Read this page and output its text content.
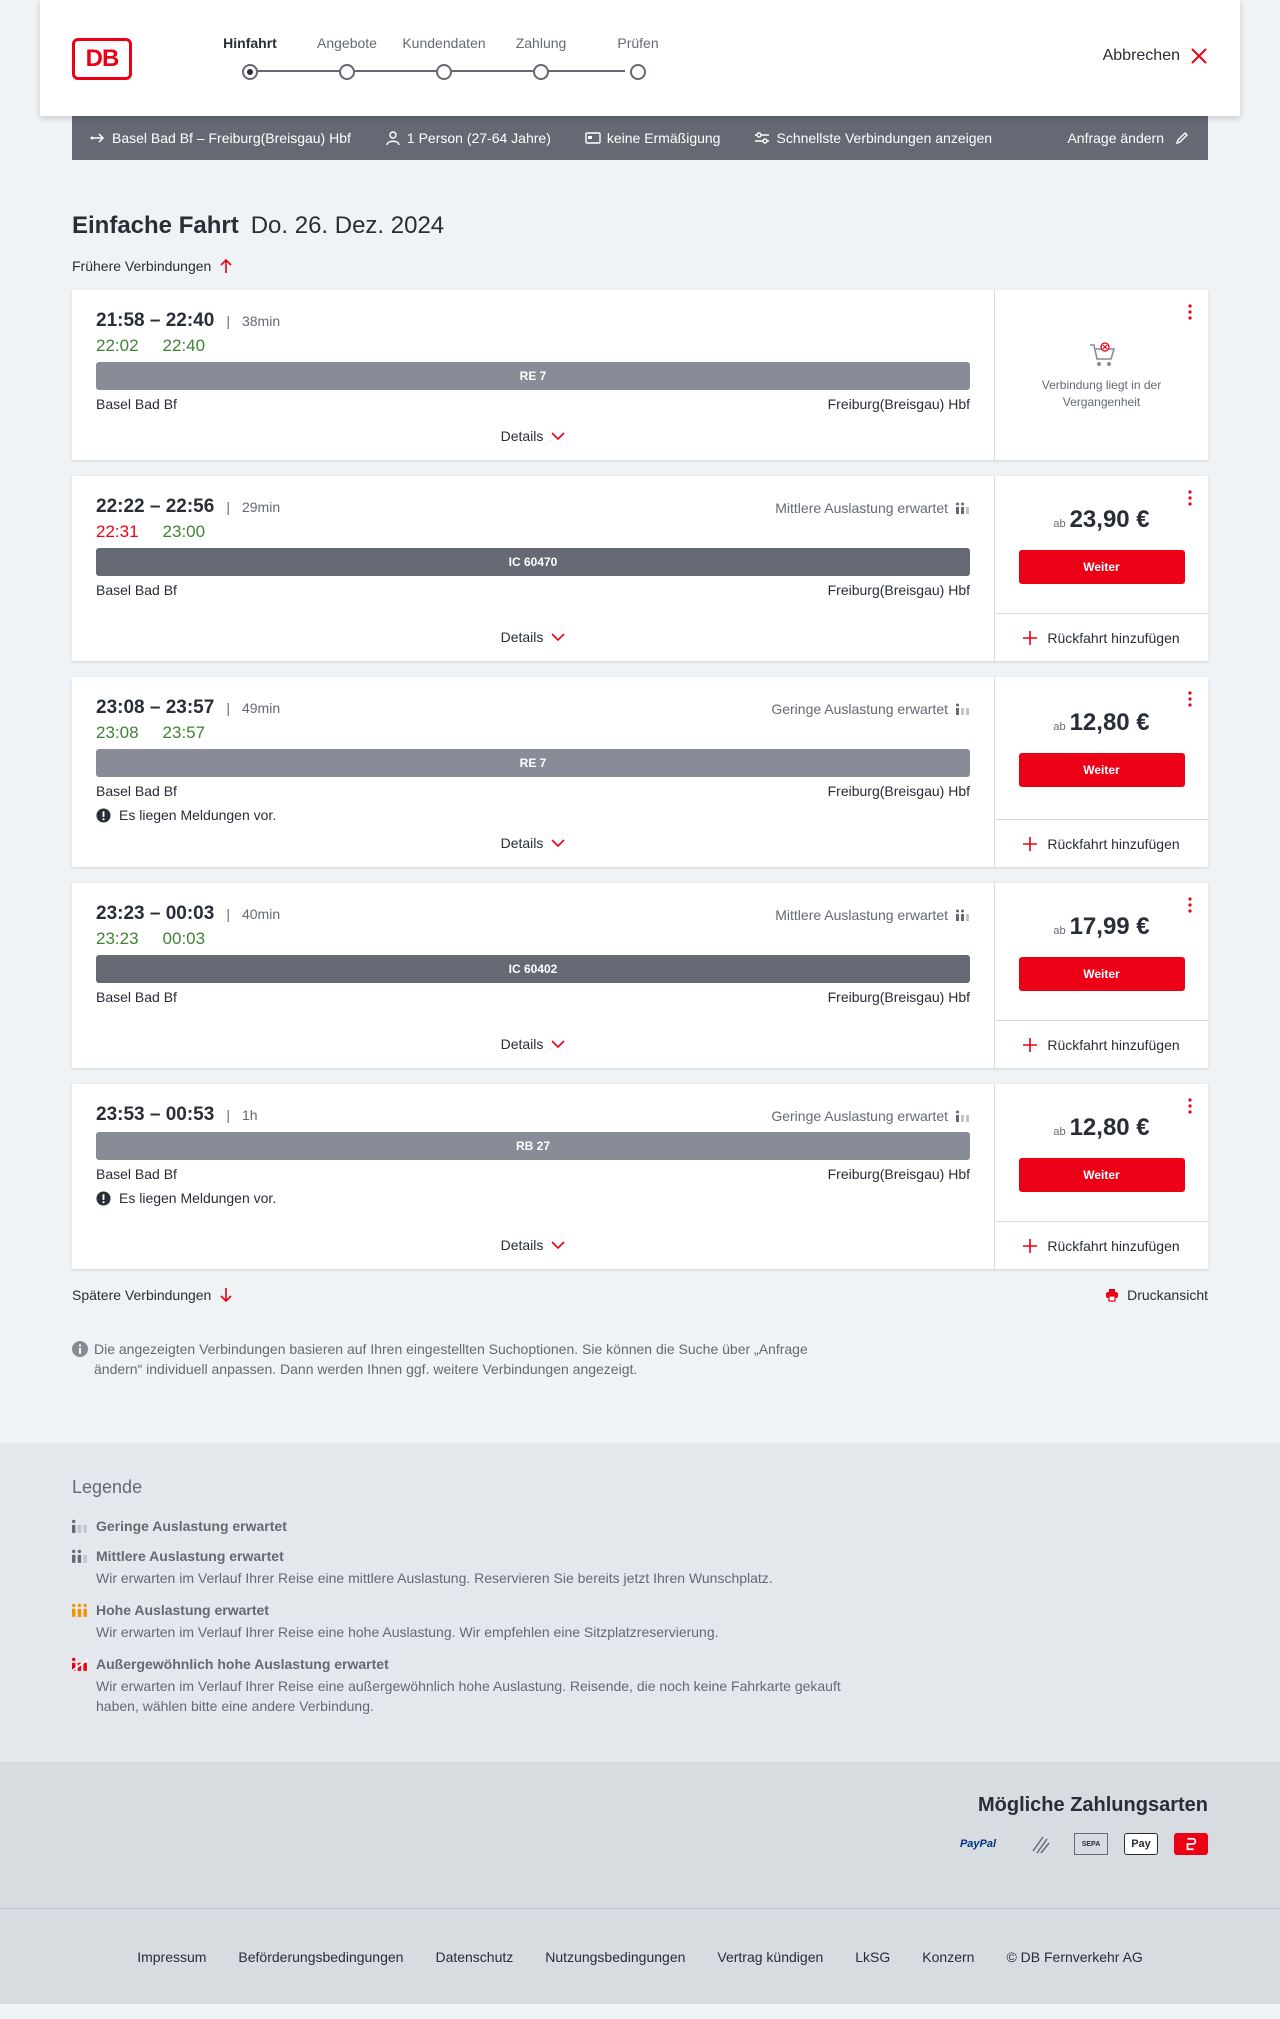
DB
Hinfahrt	Angebote	Kundendaten	Zahlung	Prüfen
Abbrechen
Basel Bad Bf – Freiburg(Breisgau) Hbf	1 Person (27-64 Jahre)	keine Ermäßigung	Schnellste Verbindungen anzeigen	Anfrage ändern
Einfache Fahrt Do. 26. Dez. 2024
Frühere Verbindungen
21:58 – 22:40 | 38min
22:02 22:40
RE 7
Basel Bad Bf	Freiburg(Breisgau) Hbf
Details
Verbindung liegt in der Vergangenheit
22:22 – 22:56 | 29min	Mittlere Auslastung erwartet
22:31 23:00
IC 60470
Basel Bad Bf	Freiburg(Breisgau) Hbf
Details
ab 23,90 €
Weiter
Rückfahrt hinzufügen
23:08 – 23:57 | 49min	Geringe Auslastung erwartet
23:08 23:57
RE 7
Basel Bad Bf	Freiburg(Breisgau) Hbf
Es liegen Meldungen vor.
Details
ab 12,80 €
Weiter
Rückfahrt hinzufügen
23:23 – 00:03 | 40min	Mittlere Auslastung erwartet
23:23 00:03
IC 60402
Basel Bad Bf	Freiburg(Breisgau) Hbf
Details
ab 17,99 €
Weiter
Rückfahrt hinzufügen
23:53 – 00:53 | 1h	Geringe Auslastung erwartet
RB 27
Basel Bad Bf	Freiburg(Breisgau) Hbf
Es liegen Meldungen vor.
Details
ab 12,80 €
Weiter
Rückfahrt hinzufügen
Spätere Verbindungen	Druckansicht
Die angezeigten Verbindungen basieren auf Ihren eingestellten Suchoptionen. Sie können die Suche über „Anfrage ändern“ individuell anpassen. Dann werden Ihnen ggf. weitere Verbindungen angezeigt.
Legende
Geringe Auslastung erwartet
Mittlere Auslastung erwartet
Wir erwarten im Verlauf Ihrer Reise eine mittlere Auslastung. Reservieren Sie bereits jetzt Ihren Wunschplatz.
Hohe Auslastung erwartet
Wir erwarten im Verlauf Ihrer Reise eine hohe Auslastung. Wir empfehlen eine Sitzplatzreservierung.
Außergewöhnlich hohe Auslastung erwartet
Wir erwarten im Verlauf Ihrer Reise eine außergewöhnlich hohe Auslastung. Reisende, die noch keine Fahrkarte gekauft haben, wählen bitte eine andere Verbindung.
Mögliche Zahlungsarten
PayPal	SEPA	Pay
Impressum Beförderungsbedingungen Datenschutz Nutzungsbedingungen Vertrag kündigen LkSG Konzern © DB Fernverkehr AG
